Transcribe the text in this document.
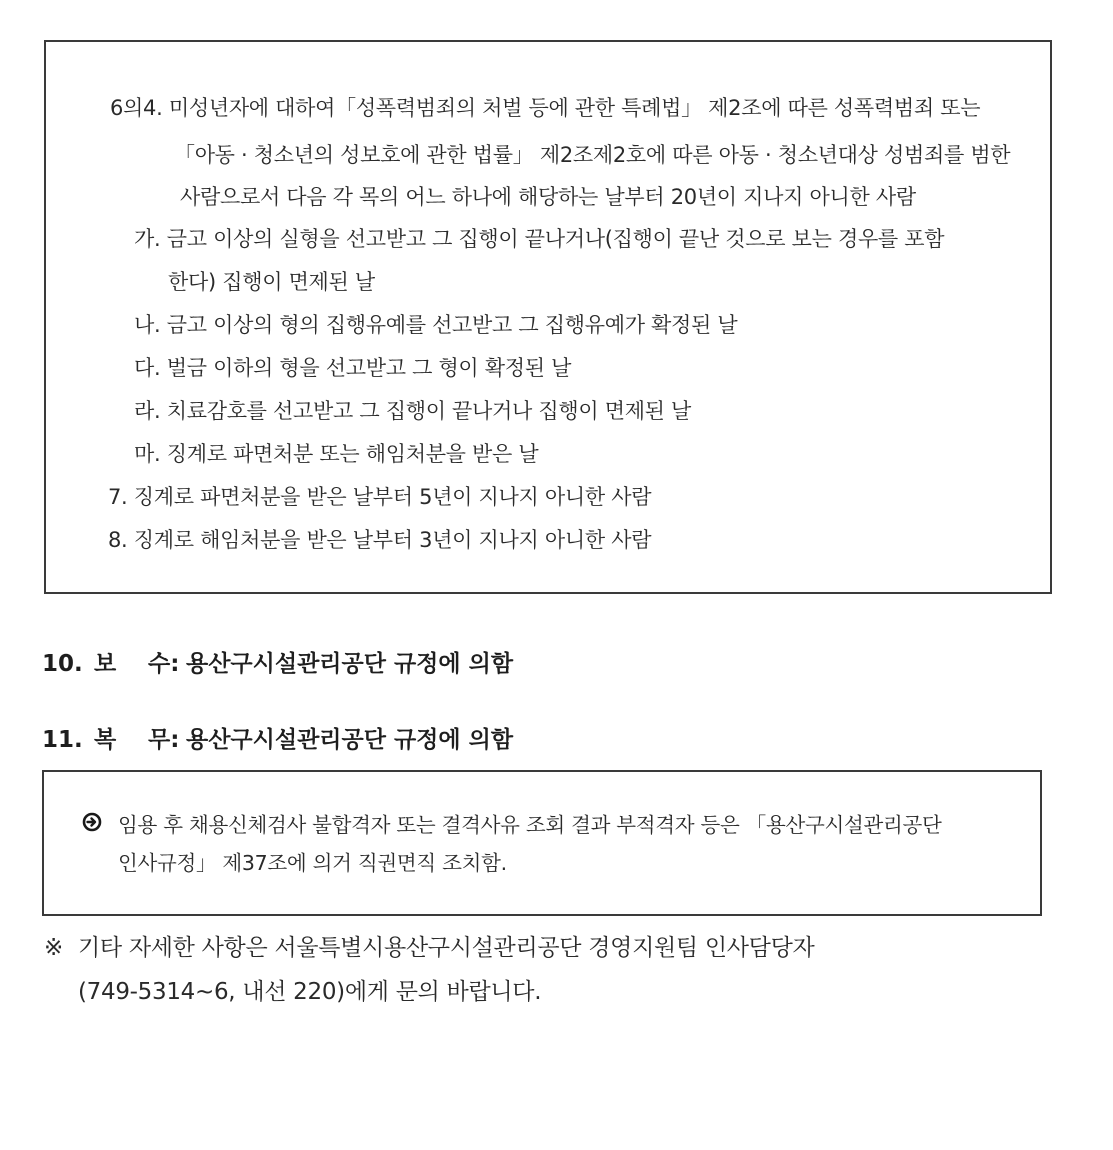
6의4. 미성년자에 대하여「성폭력범죄의 처벌 등에 관한 특례법」 제2조에 따른 성폭력범죄 또는
「아동 · 청소년의 성보호에 관한 법률」 제2조제2호에 따른 아동 · 청소년대상 성범죄를 범한
사람으로서 다음 각 목의 어느 하나에 해당하는 날부터 20년이 지나지 아니한 사람
가. 금고 이상의 실형을 선고받고 그 집행이 끝나거나(집행이 끝난 것으로 보는 경우를 포함
한다) 집행이 면제된 날
나. 금고 이상의 형의 집행유예를 선고받고 그 집행유예가 확정된 날
다. 벌금 이하의 형을 선고받고 그 형이 확정된 날
라. 치료감호를 선고받고 그 집행이 끝나거나 집행이 면제된 날
마. 징계로 파면처분 또는 해임처분을 받은 날
7. 징계로 파면처분을 받은 날부터 5년이 지나지 아니한 사람
8. 징계로 해임처분을 받은 날부터 3년이 지나지 아니한 사람
10. 보 수: 용산구시설관리공단 규정에 의함
11. 복 무: 용산구시설관리공단 규정에 의함
임용 후 채용신체검사 불합격자 또는 결격사유 조회 결과 부적격자 등은 「용산구시설관리공단
인사규정」 제37조에 의거 직권면직 조치함.
※ 기타 자세한 사항은 서울특별시용산구시설관리공단 경영지원팀 인사담당자
(749-5314~6, 내선 220)에게 문의 바랍니다.
